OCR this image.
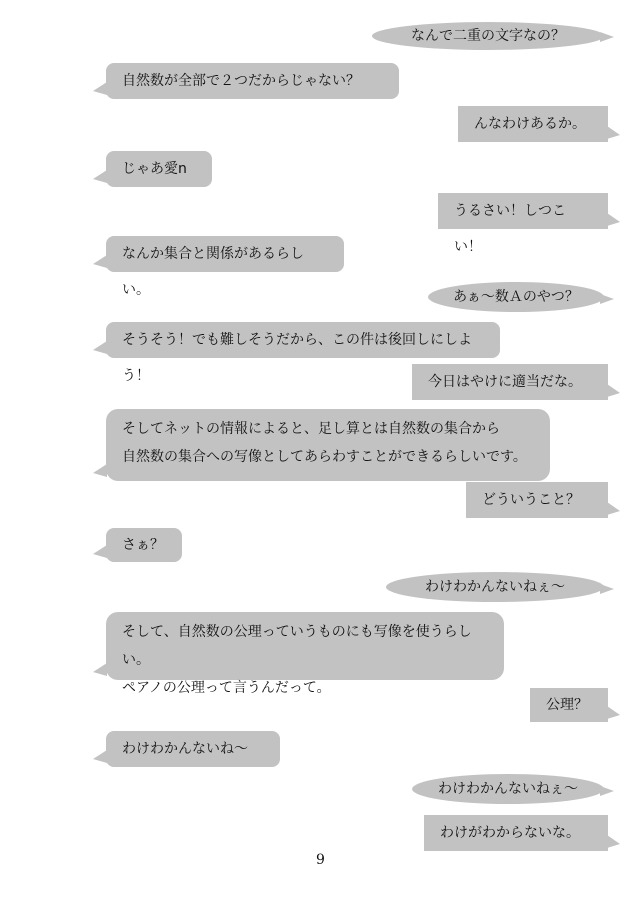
なんで二重の文字なの？
自然数が全部で２つだからじゃない？
んなわけあるか。
じゃあ愛n
うるさい！しつこい！
なんか集合と関係があるらしい。	あぁ～数Ａのやつ？
そうそう！でも難しそうだから、この件は後回しにしよう！	今日はやけに適当だな。
そしてネットの情報によると、足し算とは自然数の集合から
自然数の集合への写像としてあらわすことができるらしいです。
どういうこと？
さぁ？
わけわかんないねぇ～
そして、自然数の公理っていうものにも写像を使うらしい。
ペアノの公理って言うんだって。
公理？
わけわかんないね～
わけわかんないねぇ～
わけがわからないな。
9
